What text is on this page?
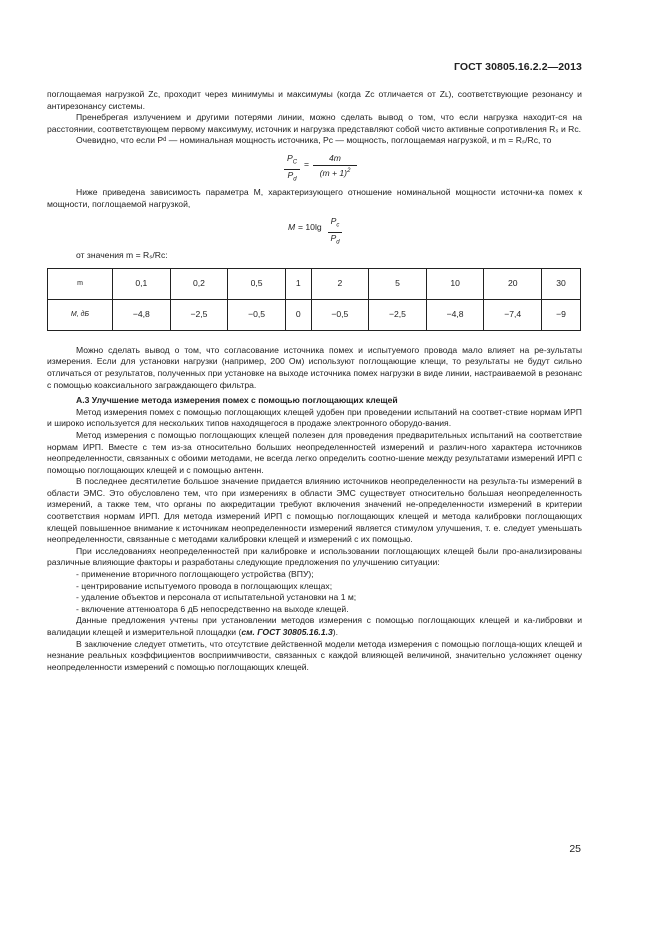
ГОСТ 30805.16.2.2—2013

поглощаемая нагрузкой Zᴄ, проходит через минимумы и максимумы (когда Zᴄ отличается от Zʟ), соответствующие резонансу и антирезонансу системы.

Пренебрегая излучением и другими потерями линии, можно сделать вывод о том, что если нагрузка находит-ся на расстоянии, соответствующем первому максимуму, источник и нагрузка представляют собой чисто активные сопротивления Rₛ и Rᴄ.

Очевидно, что если Pᵈ — номинальная мощность источника, Pᴄ — мощность, поглощаемая нагрузкой, и m = Rₛ/Rᴄ, то

$P_C$
$P_d$
=
4m
$(m + 1)^2$

Ниже приведена зависимость параметра M, характеризующего отношение номинальной мощности источни-ка помех к мощности, поглощаемой нагрузкой,

M = 10lg
$P_c$
$P_d$

от значения m = Rₛ/Rᴄ:

m	0,1	0,2	0,5	1	2	5	10	20	30
M, дБ	−4,8	−2,5	−0,5	0	−0,5	−2,5	−4,8	−7,4	−9

Можно сделать вывод о том, что согласование источника помех и испытуемого провода мало влияет на ре-зультаты измерения. Если для установки нагрузки (например, 200 Ом) используют поглощающие клещи, то результаты не будут сильно отличаться от результатов, полученных при установке на выходе источника помех нагрузки в виде линии, настраиваемой в резонанс с помощью коаксиального заграждающего фильтра.

А.3 Улучшение метода измерения помех с помощью поглощающих клещей

Метод измерения помех с помощью поглощающих клещей удобен при проведении испытаний на соответ-ствие нормам ИРП и широко используется для нескольких типов находящегося в продаже электронного оборудо-вания.

Метод измерения с помощью поглощающих клещей полезен для проведения предварительных испытаний на соответствие нормам ИРП. Вместе с тем из-за относительно больших неопределенностей измерений и различ-ного характера источников неопределенности, связанных с обоими методами, не всегда легко определить соотно-шение между результатами измерений ИРП с помощью поглощающих клещей и с помощью антенн.

В последнее десятилетие большое значение придается влиянию источников неопределенности на результа-ты измерений в области ЭМС. Это обусловлено тем, что при измерениях в области ЭМС существует относительно большая неопределенность измерений, а также тем, что органы по аккредитации требуют включения значений не-определенности измерений в критерии соответствия нормам ИРП. Для метода измерений ИРП с помощью поглощающих клещей и метода калибровки поглощающих клещей повышенное внимание к источникам неопределенности измерений является стимулом улучшения, т. е. следует уменьшать неопределенности, связанные с методами калибровки клещей и измерений с их помощью.

При исследованиях неопределенностей при калибровке и использовании поглощающих клещей были про-анализированы различные влияющие факторы и разработаны следующие предложения по улучшению ситуации:

- применение вторичного поглощающего устройства (ВПУ);
- центрирование испытуемого провода в поглощающих клещах;
- удаление объектов и персонала от испытательной установки на 1 м;
- включение аттенюатора 6 дБ непосредственно на выходе клещей.

Данные предложения учтены при установлении методов измерения с помощью поглощающих клещей и ка-либровки и валидации клещей и измерительной площадки (см. ГОСТ 30805.16.1.3).

В заключение следует отметить, что отсутствие действенной модели метода измерения с помощью поглоща-ющих клещей и незнание реальных коэффициентов восприимчивости, связанных с каждой влияющей величиной, значительно усложняет оценку неопределенности измерений с помощью поглощающих клещей.

25
